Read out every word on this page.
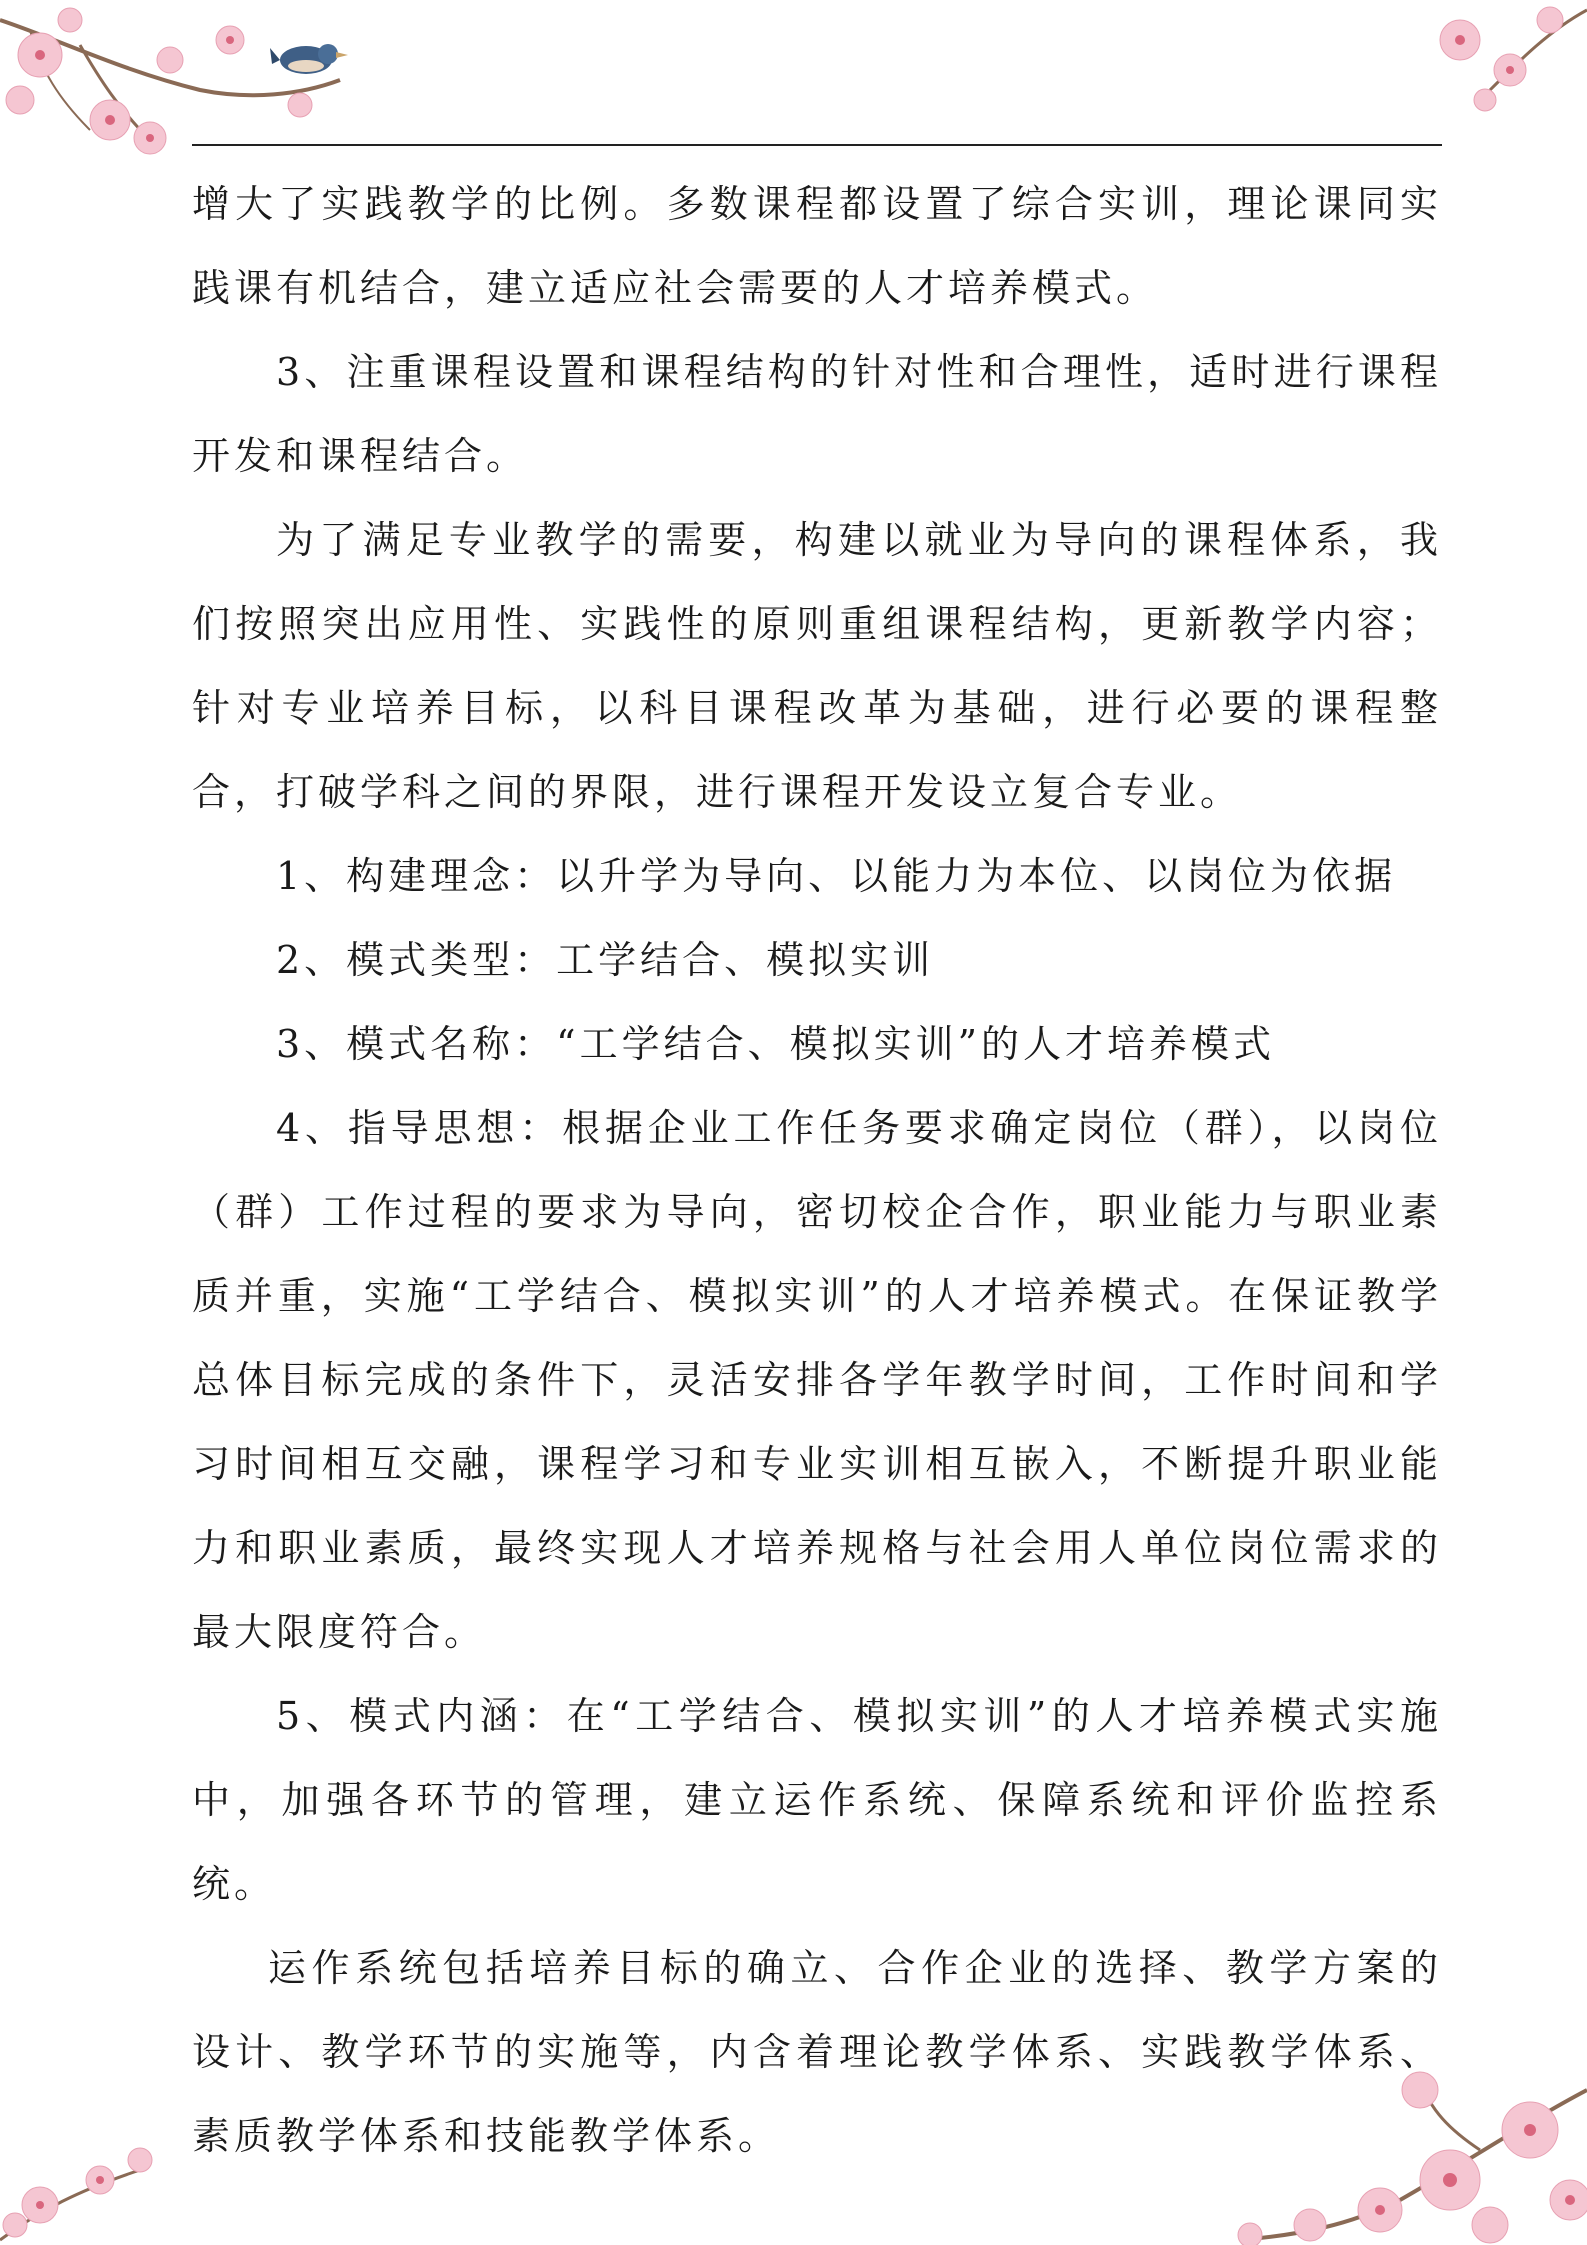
增大了实践教学的比例。多数课程都设置了综合实训，理论课同实践课有机结合，建立适应社会需要的人才培养模式。

3、注重课程设置和课程结构的针对性和合理性，适时进行课程开发和课程结合。

为了满足专业教学的需要，构建以就业为导向的课程体系，我们按照突出应用性、实践性的原则重组课程结构，更新教学内容；针对专业培养目标，以科目课程改革为基础，进行必要的课程整合，打破学科之间的界限，进行课程开发设立复合专业。

1、构建理念：以升学为导向、以能力为本位、以岗位为依据

2、模式类型：工学结合、模拟实训

3、模式名称：“工学结合、模拟实训”的人才培养模式

4、指导思想：根据企业工作任务要求确定岗位（群），以岗位（群）工作过程的要求为导向，密切校企合作，职业能力与职业素质并重，实施“工学结合、模拟实训”的人才培养模式。在保证教学总体目标完成的条件下，灵活安排各学年教学时间，工作时间和学习时间相互交融，课程学习和专业实训相互嵌入，不断提升职业能力和职业素质，最终实现人才培养规格与社会用人单位岗位需求的最大限度符合。

5、模式内涵：在“工学结合、模拟实训”的人才培养模式实施中，加强各环节的管理，建立运作系统、保障系统和评价监控系统。

运作系统包括培养目标的确立、合作企业的选择、教学方案的设计、教学环节的实施等，内含着理论教学体系、实践教学体系、素质教学体系和技能教学体系。
